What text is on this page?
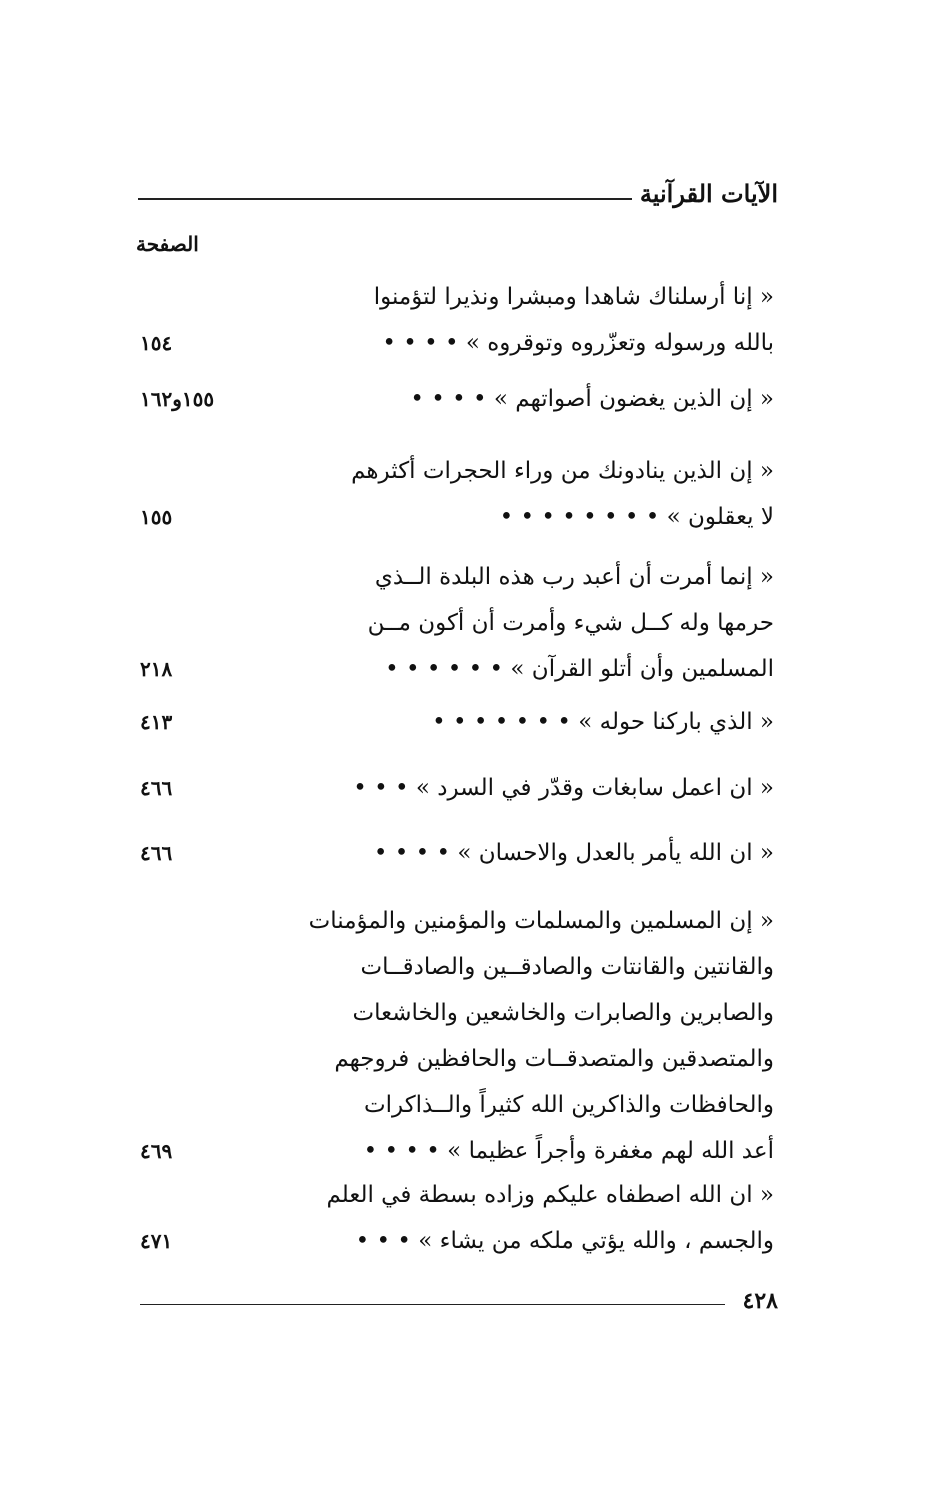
الآيات القرآنية
الصفحة
« إنا أرسلناك شاهدا ومبشرا ونذيرا لتؤمنوا
بالله ورسوله وتعزّروه وتوقروه » • • • •
١٥٤
« إن الذين يغضون أصواتهم » • • • •
١٥٥و١٦٢
« إن الذين ينادونك من وراء الحجرات أكثرهم
لا يعقلون » • • • • • • • •
١٥٥
« إنما أمرت أن أعبد رب هذه البلدة الــذي
حرمها وله كــل شيء وأمرت أن أكون مــن
المسلمين وأن أتلو القرآن » • • • • • •
٢١٨
« الذي باركنا حوله » • • • • • • •
٤١٣
« ان اعمل سابغات وقدّر في السرد » • • •
٤٦٦
« ان الله يأمر بالعدل والاحسان » • • • •
٤٦٦
« إن المسلمين والمسلمات والمؤمنين والمؤمنات
والقانتين والقانتات والصادقــين والصادقــات
والصابرين والصابرات والخاشعين والخاشعات
والمتصدقين والمتصدقــات والحافظين فروجهم
والحافظات والذاكرين الله كثيراً والــذاكرات
أعد الله لهم مغفرة وأجراً عظيما » • • • •
٤٦٩
« ان الله اصطفاه عليكم وزاده بسطة في العلم
والجسم ، والله يؤتي ملكه من يشاء » • • •
٤٧١
٤٢٨
